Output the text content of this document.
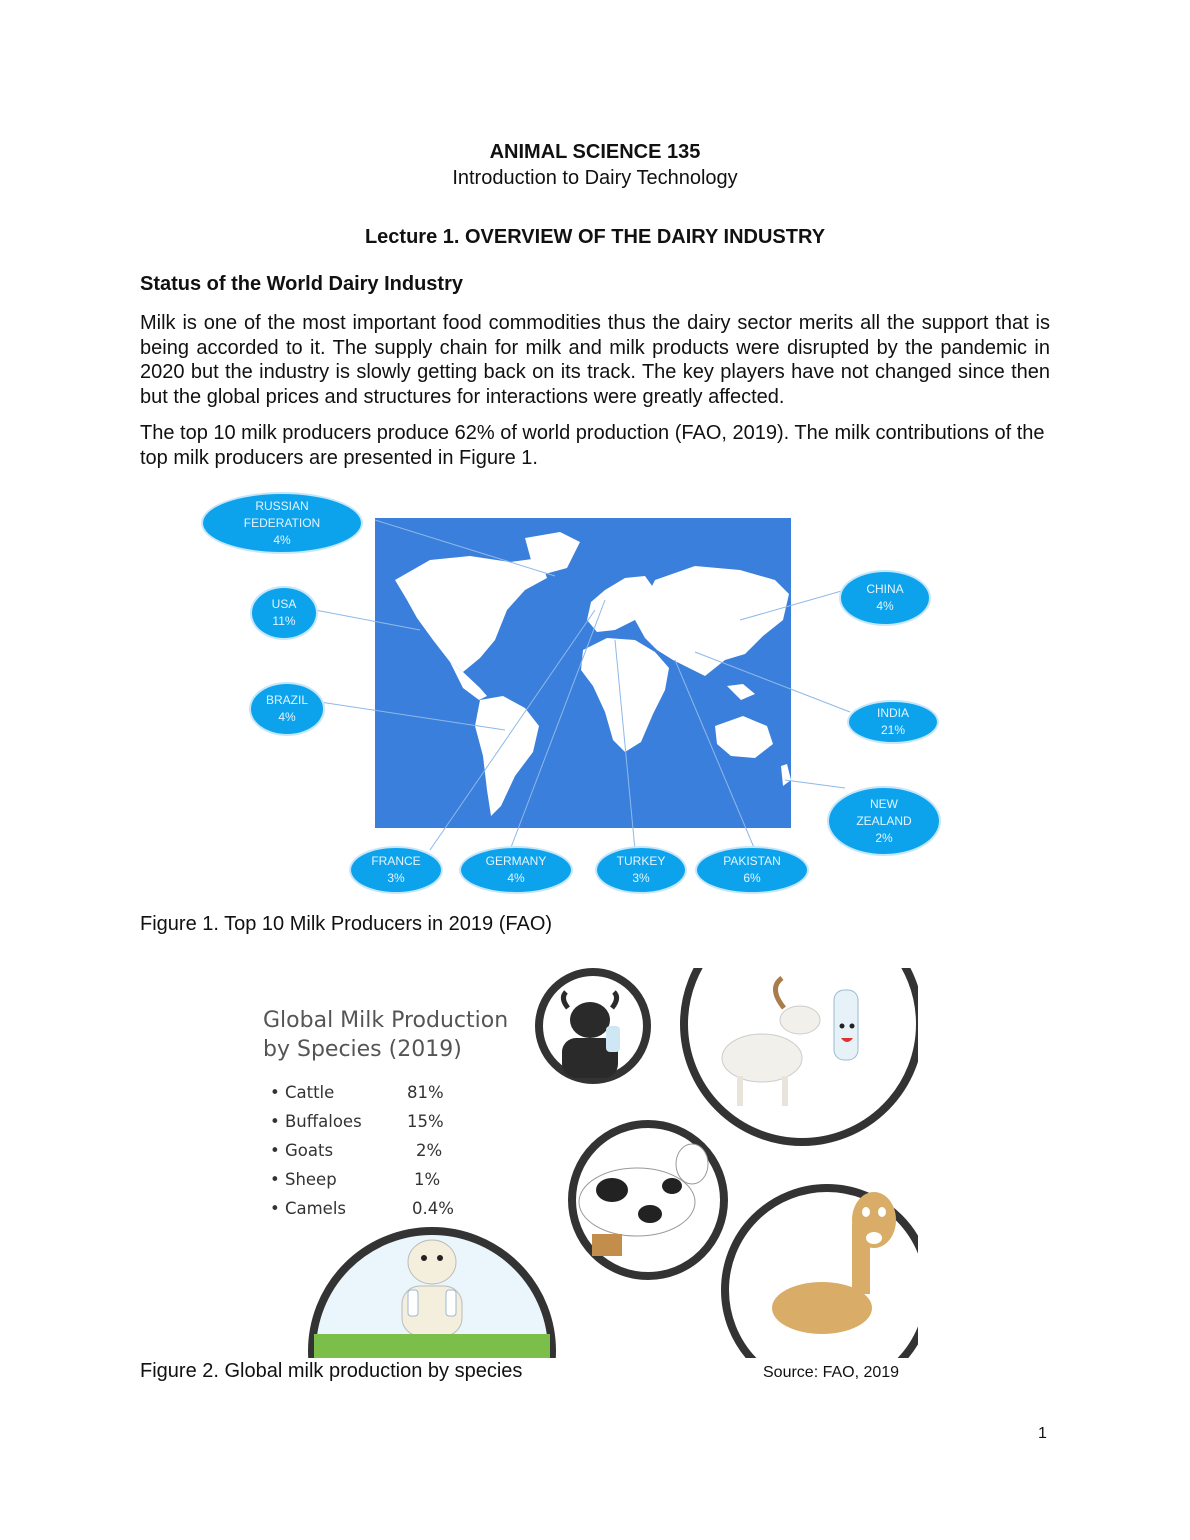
ANIMAL SCIENCE 135
Introduction to Dairy Technology
Lecture 1. OVERVIEW OF THE DAIRY INDUSTRY
Status of the World Dairy Industry
Milk is one of the most important food commodities thus the dairy sector merits all the support that is being accorded to it. The supply chain for milk and milk products were disrupted by the pandemic in 2020 but the industry is slowly getting back on its track. The key players have not changed since then but the global prices and structures for interactions were greatly affected.
The top 10 milk producers produce 62% of world production (FAO, 2019). The milk contributions of the top milk producers are presented in Figure 1.
RUSSIAN
FEDERATION
4%
USA
11%
BRAZIL
4%
FRANCE
3%
GERMANY
4%
TURKEY
3%
PAKISTAN
6%
NEW
ZEALAND
2%
INDIA
21%
CHINA
4%
Figure 1. Top 10 Milk Producers in 2019 (FAO)
Global Milk Production
by Species (2019)
• Cattle	81%
• Buffaloes	15%
• Goats	2%
• Sheep	1%
• Camels	0.4%
Figure 2. Global milk production by species	Source: FAO, 2019
1
